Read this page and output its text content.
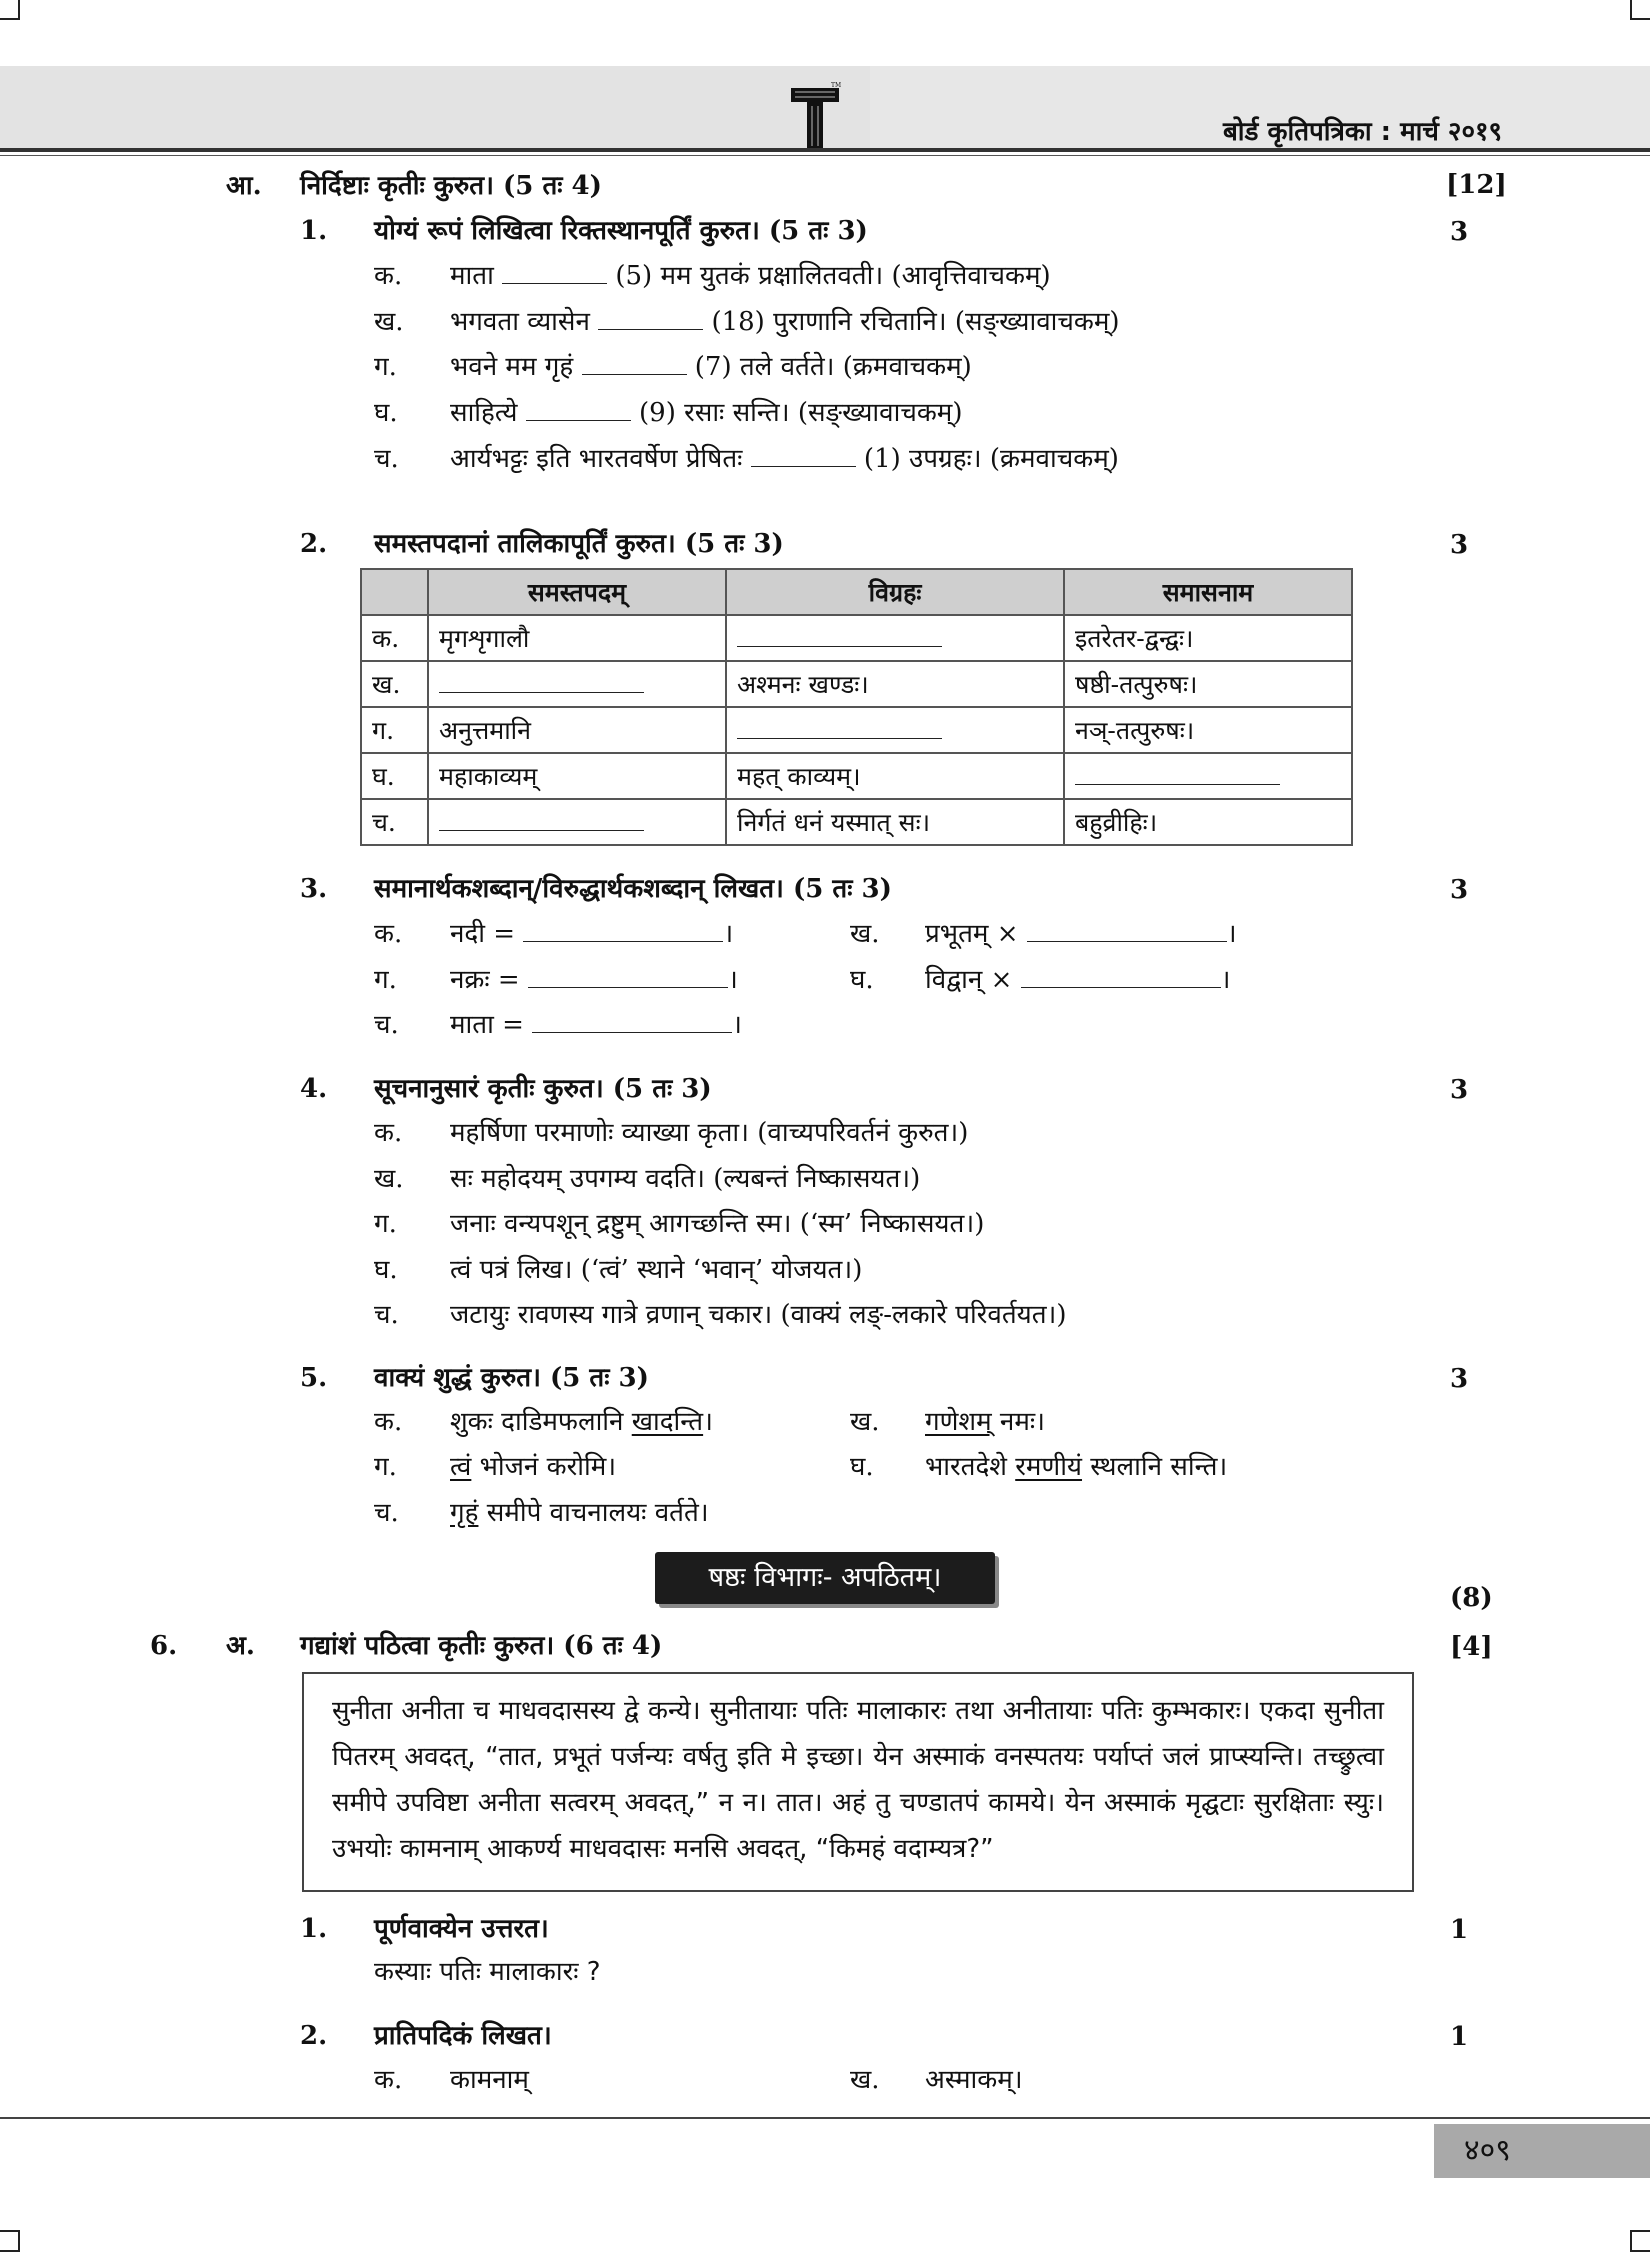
TM
बोर्ड कृतिपत्रिका : मार्च २०१९
आ. निर्दिष्टाः कृतीः कुरुत। (5 तः 4)	[12]
1. योग्यं रूपं लिखित्वा रिक्तस्थानपूर्तिं कुरुत। (5 तः 3)	3
क. माता	(5) मम युतकं प्रक्षालितवती। (आवृत्तिवाचकम्)
ख. भगवता व्यासेन	(18) पुराणानि रचितानि। (सङ्ख्यावाचकम्)
ग. भवने मम गृहं	(7) तले वर्तते। (क्रमवाचकम्)
घ. साहित्ये	(9) रसाः सन्ति। (सङ्ख्यावाचकम्)
च. आर्यभट्टः इति भारतवर्षेण प्रेषितः	(1) उपग्रहः। (क्रमवाचकम्)
2. समस्तपदानां तालिकापूर्तिं कुरुत। (5 तः 3)	3
	समस्तपदम्	विग्रहः	समासनाम
क.	मृगशृगालौ		इतरेतर-द्वन्द्वः।
ख.		अश्मनः खण्डः।	षष्ठी-तत्पुरुषः।
ग.	अनुत्तमानि		नञ्-तत्पुरुषः।
घ.	महाकाव्यम्	महत् काव्यम्।	
च.		निर्गतं धनं यस्मात् सः।	बहुव्रीहिः।
3. समानार्थकशब्दान्/विरुद्धार्थकशब्दान् लिखत। (5 तः 3)	3
क. नदी =	।	ख. प्रभूतम् ×	।
ग. नक्रः =	।	घ. विद्वान् ×	।
च. माता =	।
4. सूचनानुसारं कृतीः कुरुत। (5 तः 3)	3
क. महर्षिणा परमाणोः व्याख्या कृता। (वाच्यपरिवर्तनं कुरुत।)
ख. सः महोदयम् उपगम्य वदति। (ल्यबन्तं निष्कासयत।)
ग. जनाः वन्यपशून् द्रष्टुम् आगच्छन्ति स्म। (‘स्म’ निष्कासयत।)
घ. त्वं पत्रं लिख। (‘त्वं’ स्थाने ‘भवान्’ योजयत।)
च. जटायुः रावणस्य गात्रे व्रणान् चकार। (वाक्यं लङ्-लकारे परिवर्तयत।)
5. वाक्यं शुद्धं कुरुत। (5 तः 3)	3
क. शुकः दाडिमफलानि खादन्ति।	ख. गणेशम् नमः।
ग. त्वं भोजनं करोमि।	घ. भारतदेशे रमणीयं स्थलानि सन्ति।
च. गृहं समीपे वाचनालयः वर्तते।
षष्ठः विभागः- अपठितम्।
(8)
6. अ. गद्यांशं पठित्वा कृतीः कुरुत। (6 तः 4)	[4]
सुनीता अनीता च माधवदासस्य द्वे कन्ये। सुनीतायाः पतिः मालाकारः तथा अनीतायाः पतिः कुम्भकारः। एकदा सुनीता पितरम् अवदत्, “तात, प्रभूतं पर्जन्यः वर्षतु इति मे इच्छा। येन अस्माकं वनस्पतयः पर्याप्तं जलं प्राप्स्यन्ति। तच्छ्रुत्वा समीपे उपविष्टा अनीता सत्वरम् अवदत्,” न न। तात। अहं तु चण्डातपं कामये। येन अस्माकं मृद्घटाः सुरक्षिताः स्युः। उभयोः कामनाम् आकर्ण्य माधवदासः मनसि अवदत्, “किमहं वदाम्यत्र?”
1. पूर्णवाक्येन उत्तरत।	1
कस्याः पतिः मालाकारः ?
2. प्रातिपदिकं लिखत।	1
क. कामनाम्	ख. अस्माकम्।
४०९
